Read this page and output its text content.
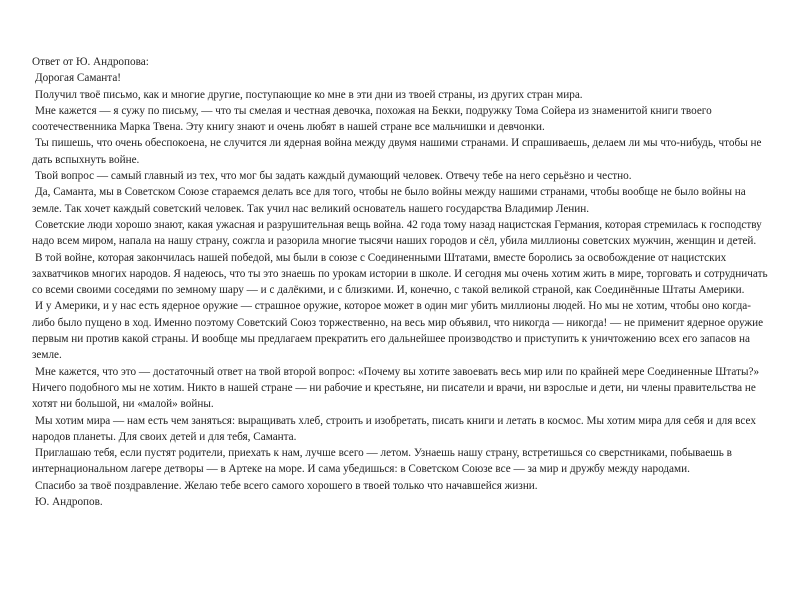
Ответ от Ю. Андропова:

Дорогая Саманта!

Получил твоё письмо, как и многие другие, поступающие ко мне в эти дни из твоей страны, из других стран мира.

Мне кажется — я сужу по письму, — что ты смелая и честная девочка, похожая на Бекки, подружку Тома Сойера из знаменитой книги твоего соотечественника Марка Твена. Эту книгу знают и очень любят в нашей стране все мальчишки и девчонки.

Ты пишешь, что очень обеспокоена, не случится ли ядерная война между двумя нашими странами. И спрашиваешь, делаем ли мы что-нибудь, чтобы не дать вспыхнуть войне.

Твой вопрос — самый главный из тех, что мог бы задать каждый думающий человек. Отвечу тебе на него серьёзно и честно.

Да, Саманта, мы в Советском Союзе стараемся делать все для того, чтобы не было войны между нашими странами, чтобы вообще не было войны на земле. Так хочет каждый советский человек. Так учил нас великий основатель нашего государства Владимир Ленин.

Советские люди хорошо знают, какая ужасная и разрушительная вещь война. 42 года тому назад нацистская Германия, которая стремилась к господству надо всем миром, напала на нашу страну, сожгла и разорила многие тысячи наших городов и сёл, убила миллионы советских мужчин, женщин и детей.

В той войне, которая закончилась нашей победой, мы были в союзе с Соединенными Штатами, вместе боролись за освобождение от нацистских захватчиков многих народов. Я надеюсь, что ты это знаешь по урокам истории в школе. И сегодня мы очень хотим жить в мире, торговать и сотрудничать со всеми своими соседями по земному шару — и с далёкими, и с близкими. И, конечно, с такой великой страной, как Соединённые Штаты Америки.

И у Америки, и у нас есть ядерное оружие — страшное оружие, которое может в один миг убить миллионы людей. Но мы не хотим, чтобы оно когда-либо было пущено в ход. Именно поэтому Советский Союз торжественно, на весь мир объявил, что никогда — никогда! — не применит ядерное оружие первым ни против какой страны. И вообще мы предлагаем прекратить его дальнейшее производство и приступить к уничтожению всех его запасов на земле.

Мне кажется, что это — достаточный ответ на твой второй вопрос: «Почему вы хотите завоевать весь мир или по крайней мере Соединенные Штаты?» Ничего подобного мы не хотим. Никто в нашей стране — ни рабочие и крестьяне, ни писатели и врачи, ни взрослые и дети, ни члены правительства не хотят ни большой, ни «малой» войны.

Мы хотим мира — нам есть чем заняться: выращивать хлеб, строить и изобретать, писать книги и летать в космос. Мы хотим мира для себя и для всех народов планеты. Для своих детей и для тебя, Саманта.

Приглашаю тебя, если пустят родители, приехать к нам, лучше всего — летом. Узнаешь нашу страну, встретишься со сверстниками, побываешь в интернациональном лагере детворы — в Артеке на море. И сама убедишься: в Советском Союзе все — за мир и дружбу между народами.

Спасибо за твоё поздравление. Желаю тебе всего самого хорошего в твоей только что начавшейся жизни.

Ю. Андропов.
